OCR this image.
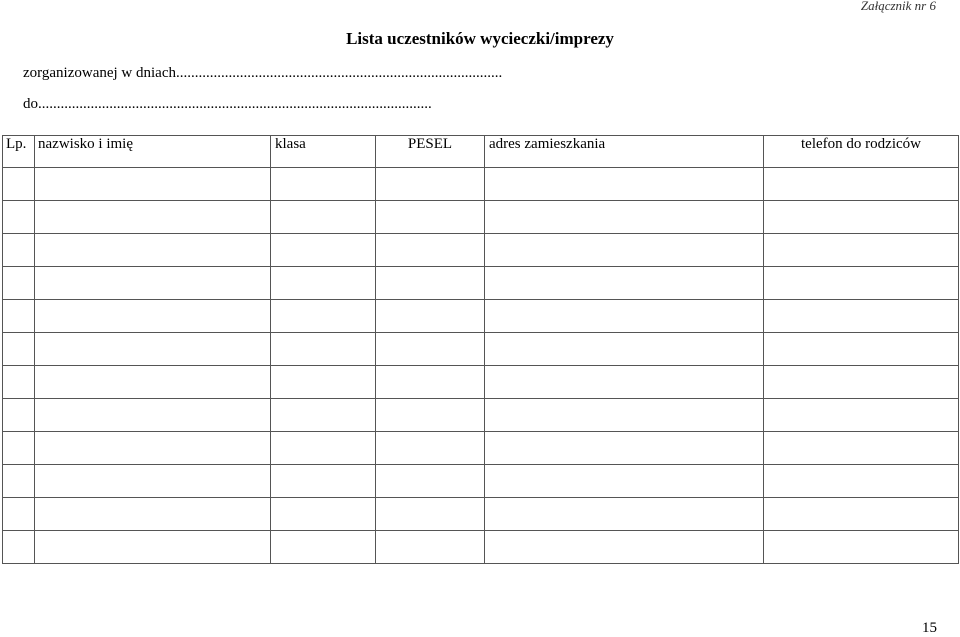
Załącznik nr 6
Lista uczestników wycieczki/imprezy
zorganizowanej w dniach.......................................................................................
do.........................................................................................................
Lp.	nazwisko i imię	klasa	PESEL	adres zamieszkania	telefon do rodziców

15
